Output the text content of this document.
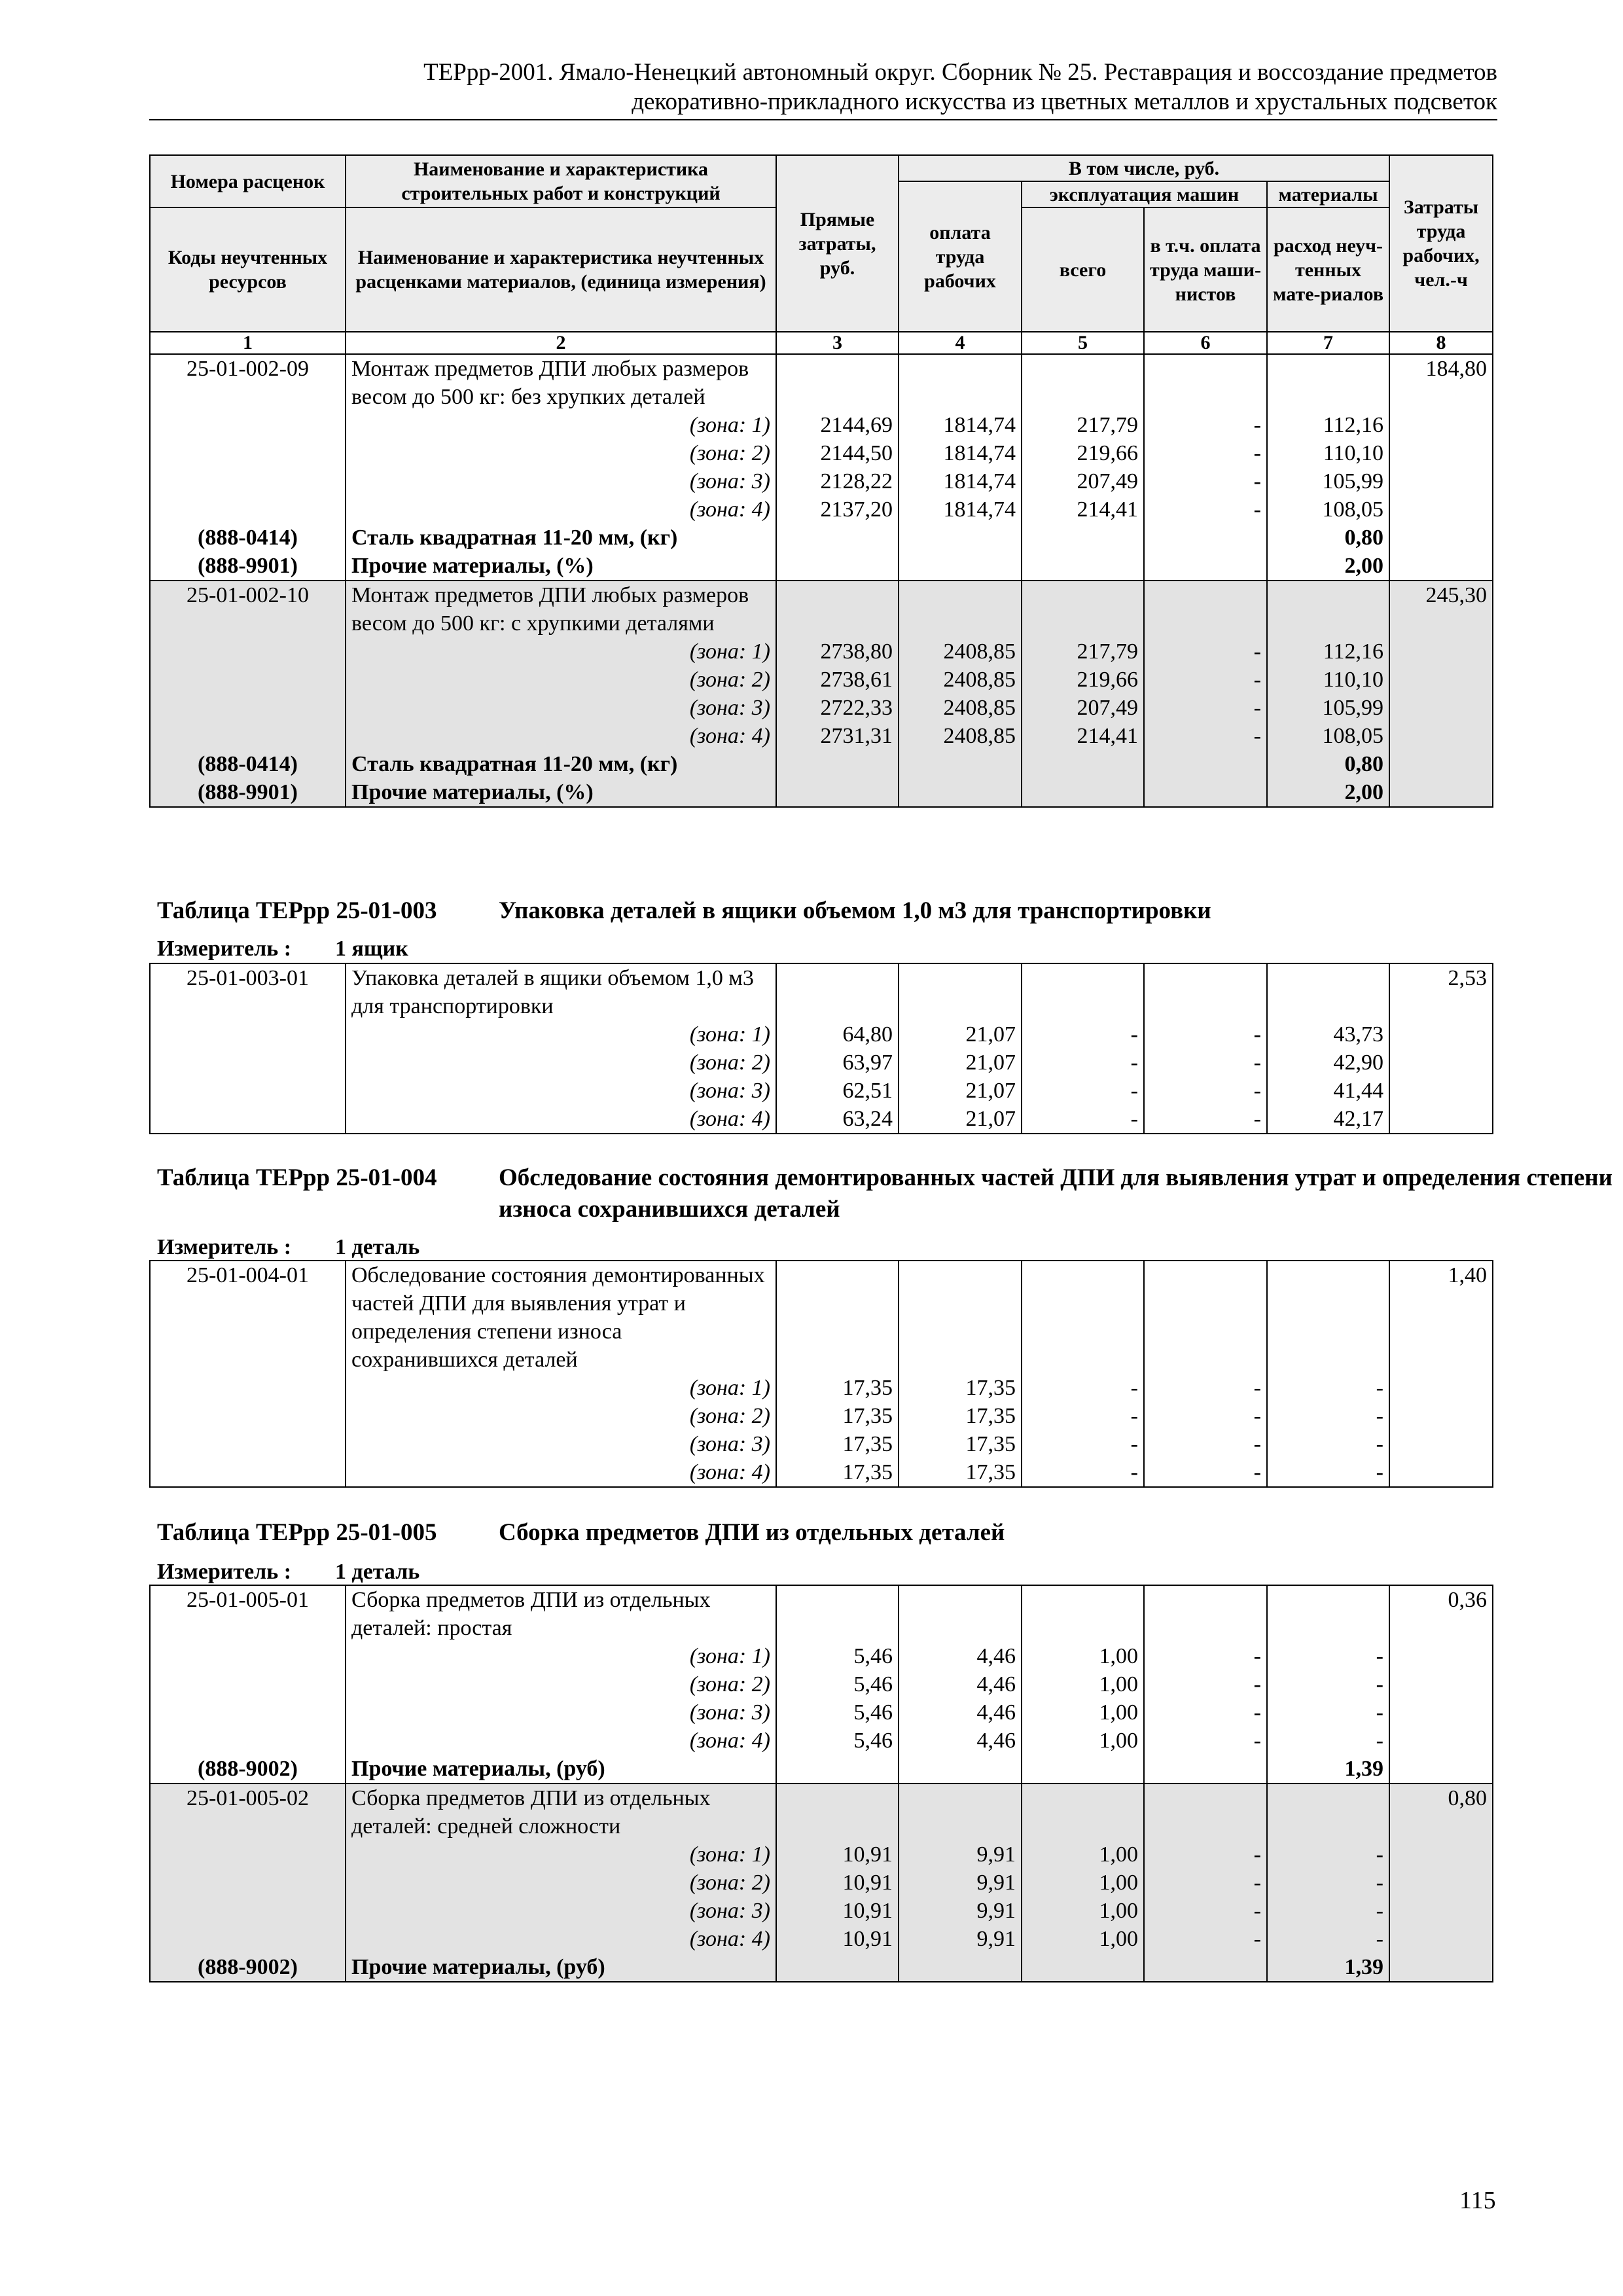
ТЕРрр-2001. Ямало-Ненецкий автономный округ. Сборник № 25. Реставрация и воссоздание предметов
декоративно-прикладного искусства из цветных металлов и хрустальных подсветок
Номера расценок	Наименование и характеристика строительных работ и конструкций	Прямые затраты, руб.	В том числе, руб.				Затраты труда рабочих, чел.-ч
			оплата труда рабочих	эксплуатация машин		материалы	
Коды неучтенных ресурсов	Наименование и характеристика неучтенных расценками материалов, (единица измерения)			всего	в т.ч. оплата труда маши-нистов	расход неуч-тенных мате-риалов	

1	2	3	4	5	6	7	8
25-01-002-09	Монтаж предметов ДПИ любых размеров весом до 500 кг: без хрупких деталей						184,80
	(зона: 1)	2144,69	1814,74	217,79	-	112,16	
	(зона: 2)	2144,50	1814,74	219,66	-	110,10	
	(зона: 3)	2128,22	1814,74	207,49	-	105,99	
	(зона: 4)	2137,20	1814,74	214,41	-	108,05	
(888-0414)	Сталь квадратная 11-20 мм, (кг)					0,80	
(888-9901)	Прочие материалы, (%)					2,00	
25-01-002-10	Монтаж предметов ДПИ любых размеров весом до 500 кг: с хрупкими деталями						245,30
	(зона: 1)	2738,80	2408,85	217,79	-	112,16	
	(зона: 2)	2738,61	2408,85	219,66	-	110,10	
	(зона: 3)	2722,33	2408,85	207,49	-	105,99	
	(зона: 4)	2731,31	2408,85	214,41	-	108,05	
(888-0414)	Сталь квадратная 11-20 мм, (кг)					0,80	
(888-9901)	Прочие материалы, (%)					2,00	
Таблица ТЕРрр 25-01-003	Упаковка деталей в ящики объемом 1,0 м3 для транспортировки
Измеритель : 1 ящик
25-01-003-01	Упаковка деталей в ящики объемом 1,0 м3 для транспортировки						2,53
	(зона: 1)	64,80	21,07	-	-	43,73	
	(зона: 2)	63,97	21,07	-	-	42,90	
	(зона: 3)	62,51	21,07	-	-	41,44	
	(зона: 4)	63,24	21,07	-	-	42,17	
Таблица ТЕРрр 25-01-004	Обследование состояния демонтированных частей ДПИ для выявления утрат и определения степени износа сохранившихся деталей
Измеритель : 1 деталь
25-01-004-01	Обследование состояния демонтированных частей ДПИ для выявления утрат и определения степени износа сохранившихся деталей						1,40
	(зона: 1)	17,35	17,35	-	-	-	
	(зона: 2)	17,35	17,35	-	-	-	
	(зона: 3)	17,35	17,35	-	-	-	
	(зона: 4)	17,35	17,35	-	-	-	
Таблица ТЕРрр 25-01-005	Сборка предметов ДПИ из отдельных деталей
Измеритель : 1 деталь
25-01-005-01	Сборка предметов ДПИ из отдельных деталей: простая						0,36
	(зона: 1)	5,46	4,46	1,00	-	-	
	(зона: 2)	5,46	4,46	1,00	-	-	
	(зона: 3)	5,46	4,46	1,00	-	-	
	(зона: 4)	5,46	4,46	1,00	-	-	
(888-9002)	Прочие материалы, (руб)					1,39	
25-01-005-02	Сборка предметов ДПИ из отдельных деталей: средней сложности						0,80
	(зона: 1)	10,91	9,91	1,00	-	-	
	(зона: 2)	10,91	9,91	1,00	-	-	
	(зона: 3)	10,91	9,91	1,00	-	-	
	(зона: 4)	10,91	9,91	1,00	-	-	
(888-9002)	Прочие материалы, (руб)					1,39	
115
